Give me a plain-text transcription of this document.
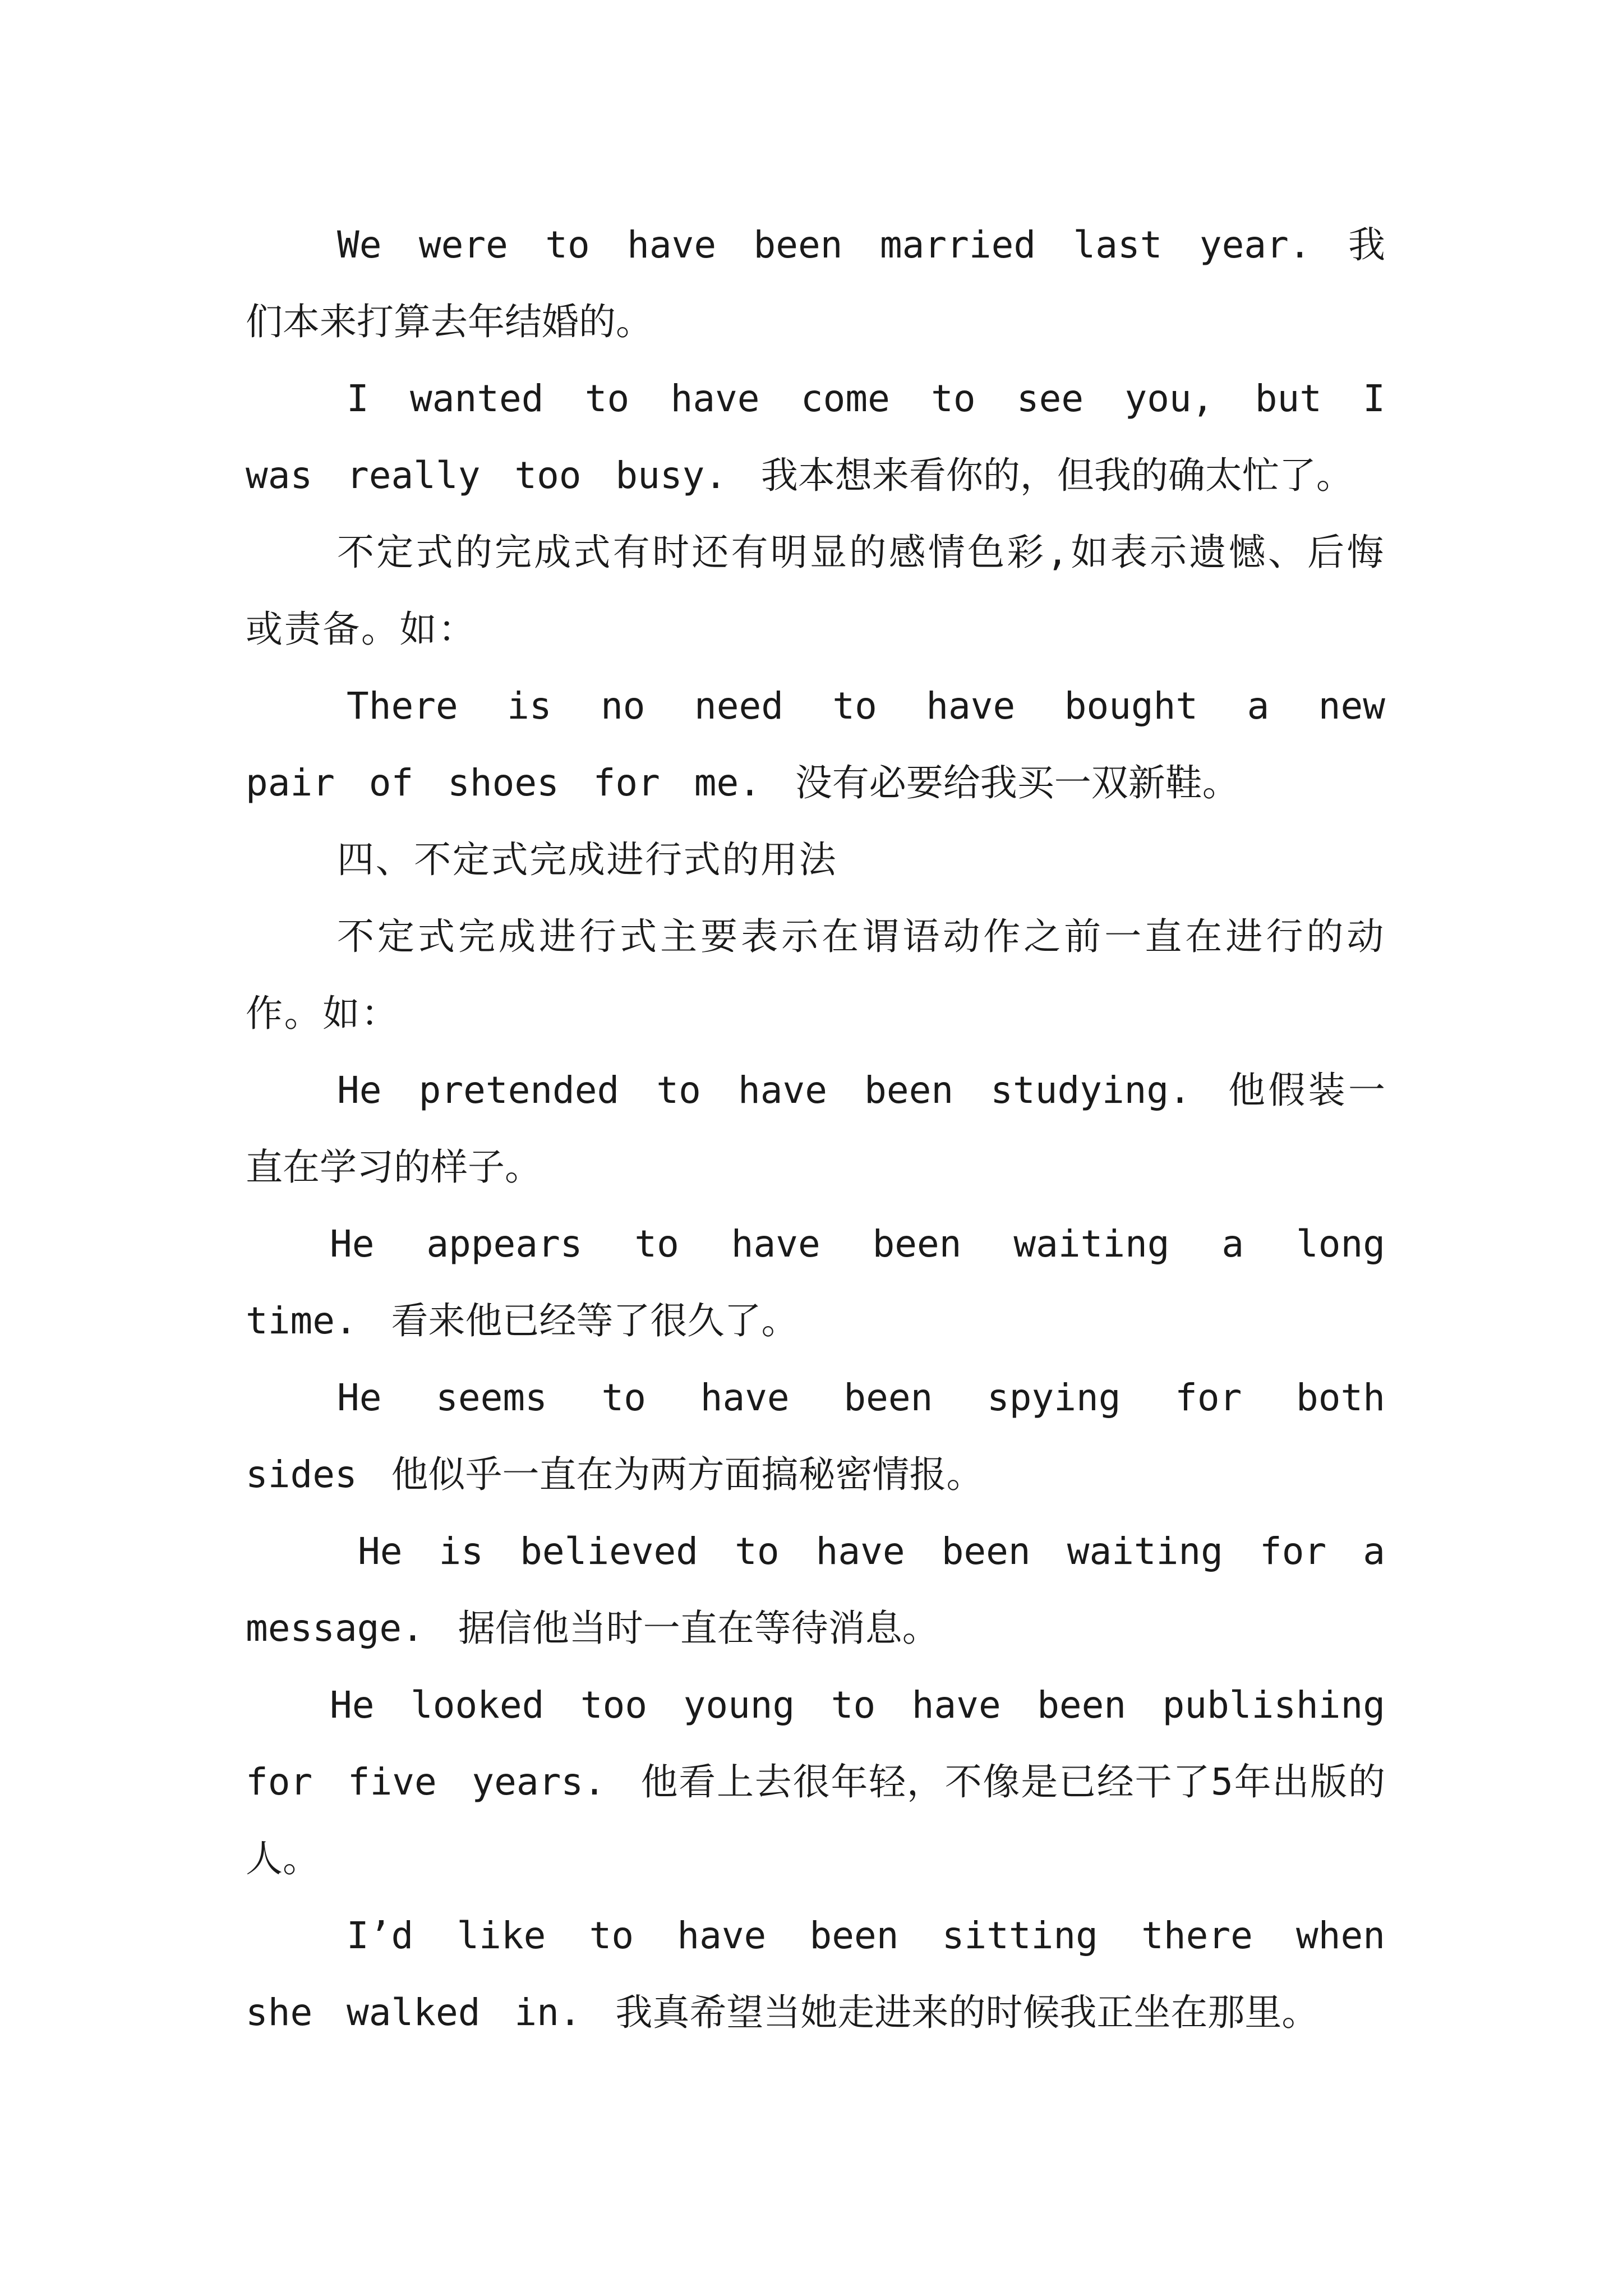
We were to have been married last year. 我们本来打算去年结婚的。

I wanted to have come to see you, but I was really too busy. 我本想来看你的，但我的确太忙了。

不定式的完成式有时还有明显的感情色彩,如表示遗憾、后悔或责备。如：

There is no need to have bought a new pair of shoes for me. 没有必要给我买一双新鞋。

四、不定式完成进行式的用法

不定式完成进行式主要表示在谓语动作之前一直在进行的动作。如：

He pretended to have been studying. 他假装一直在学习的样子。

He appears to have been waiting a long time. 看来他已经等了很久了。

He seems to have been spying for both sides 他似乎一直在为两方面搞秘密情报。

He is believed to have been waiting for a message. 据信他当时一直在等待消息。

He looked too young to have been publishing for five years. 他看上去很年轻，不像是已经干了5年出版的人。

I’d like to have been sitting there when she walked in. 我真希望当她走进来的时候我正坐在那里。
